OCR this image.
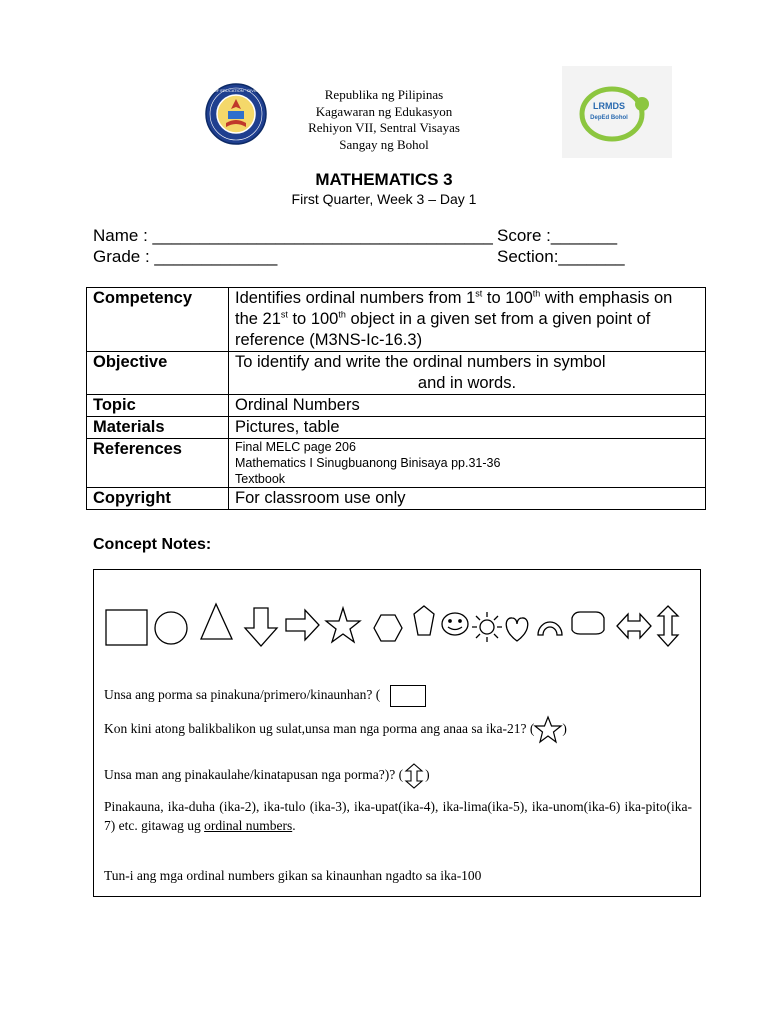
DEPARTMENT OF EDUCATION · DIVISION OF BOHOL
LRMDS
DepEd Bohol
Republika ng Pilipinas
Kagawaran ng Edukasyon
Rehiyon VII, Sentral Visayas
Sangay ng Bohol
MATHEMATICS 3
First Quarter, Week 3 – Day 1
Name : ____________________________________
Grade : _____________
Score :_______
Section:_______
Competency	Identifies ordinal numbers from 1st to 100th with emphasis on the 21st to 100th object in a given set from a given point of reference (M3NS-Ic-16.3)
Objective	To identify and write the ordinal numbers in symbol
and in words.

Topic	Ordinal Numbers
Materials	Pictures, table
References	Final MELC page 206
Mathematics I Sinugbuanong Binisaya pp.31-36
Textbook

Copyright	For classroom use only
Concept Notes:
Unsa ang porma sa pinakuna/primero/kinaunhan? (
Kon kini atong balikbalikon ug sulat,unsa man nga porma ang anaa sa ika-21? ( )
Unsa man ang pinakaulahe/kinatapusan nga porma?)? ( )
Pinakauna, ika-duha (ika-2), ika-tulo (ika-3), ika-upat(ika-4), ika-lima(ika-5), ika-unom(ika-6) ika-pito(ika-7) etc. gitawag ug ordinal numbers.
Tun-i ang mga ordinal numbers gikan sa kinaunhan ngadto sa ika-100
